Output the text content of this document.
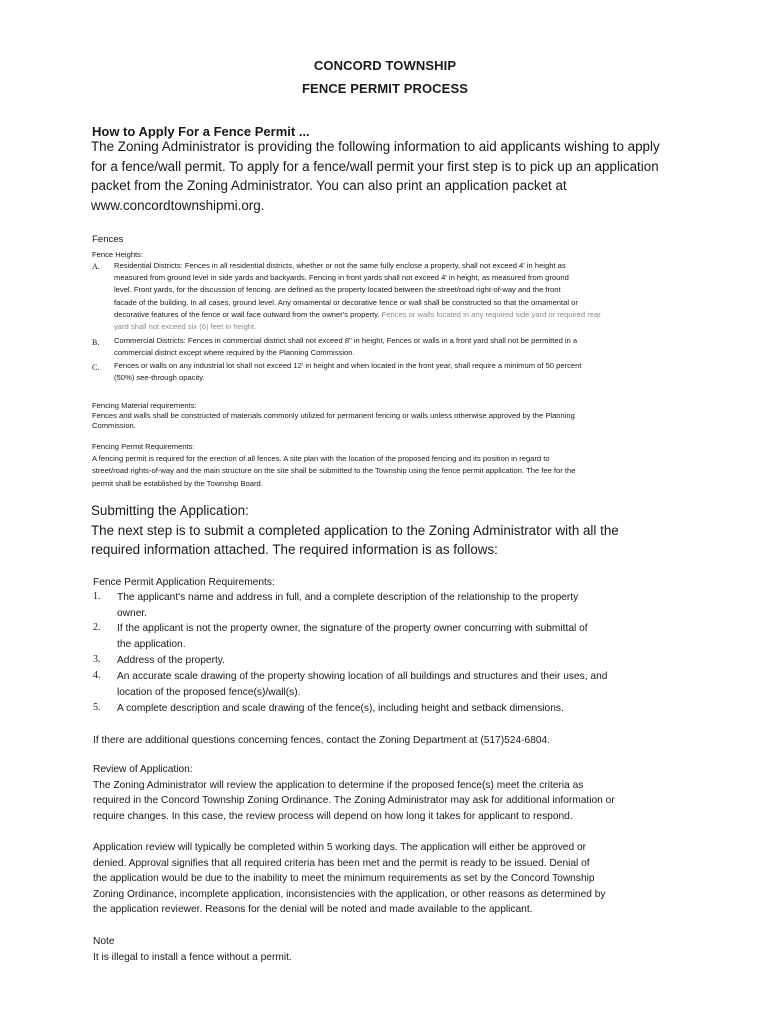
CONCORD TOWNSHIP
FENCE PERMIT PROCESS
How to Apply For a Fence Permit ...
The Zoning Administrator is providing the following information to aid applicants wishing to apply
for a fence/wall permit. To apply for a fence/wall permit your first step is to pick up an application
packet from the Zoning Administrator. You can also print an application packet at
www.concordtownshipmi.org.
Fences
Fence Heights:
A. Residential Districts: Fences in all residential districts, whether or not the same fully enclose a property, shall not exceed 4' in height as
measured from ground level in side yards and backyards. Fencing in front yards shall not exceed 4' in height, as measured from ground
level. Front yards, for the discussion of fencing. are defined as the property located between the street/road right-of-way and the front
facade of the building. In all cases, ground level. Any ornamental or decorative fence or wall shall be constructed so that the ornamental or
decorative features of the fence or wall face outward from the owner's property. Fences or walls located in any required side yard or required rear
yard shall not exceed six (6) feet in height.
B. Commercial Districts: Fences in commercial district shall not exceed 8" in height, Fences or walls in a front yard shall not be permitted in a
commercial district except where required by the Planning Commission.
C. Fences or walls on any industrial lot shall not exceed 12' in height and when located in the front year, shall require a minimum of 50 percent
(50%) see-through opacity.
Fencing Material requirements:
Fences and walls shall be constructed of materials commonly utilized for permanent fencing or walls unless otherwise approved by the Planning
Commission.
Fencing Permit Requirements:
A fencing permit is required for the erection of all fences. A site plan with the location of the proposed fencing and its position in regard to
street/road rights-of-way and the main structure on the site shall be submitted to the Township using the fence permit application. The fee for the
permit shall be established by the Township Board.
Submitting the Application:
The next step is to submit a completed application to the Zoning Administrator with all the
required information attached. The required information is as follows:
Fence Permit Application Requirements:
1. The applicant's name and address in full, and a complete description of the relationship to the property
owner.
2. If the applicant is not the property owner, the signature of the property owner concurring with submittal of
the application.
3. Address of the property.
4. An accurate scale drawing of the property showing location of all buildings and structures and their uses, and
location of the proposed fence(s)/wall(s).
5. A complete description and scale drawing of the fence(s), including height and setback dimensions.
If there are additional questions concerning fences, contact the Zoning Department at (517)524-6804.
Review of Application:
The Zoning Administrator will review the application to determine if the proposed fence(s) meet the criteria as
required in the Concord Township Zoning Ordinance. The Zoning Administrator may ask for additional information or
require changes. In this case, the review process will depend on how long it takes for applicant to respond.
Application review will typically be completed within 5 working days. The application will either be approved or
denied. Approval signifies that all required criteria has been met and the permit is ready to be issued. Denial of
the application would be due to the inability to meet the minimum requirements as set by the Concord Township
Zoning Ordinance, incomplete application, inconsistencies with the application, or other reasons as determined by
the application reviewer. Reasons for the denial will be noted and made available to the applicant.
Note
It is illegal to install a fence without a permit.
